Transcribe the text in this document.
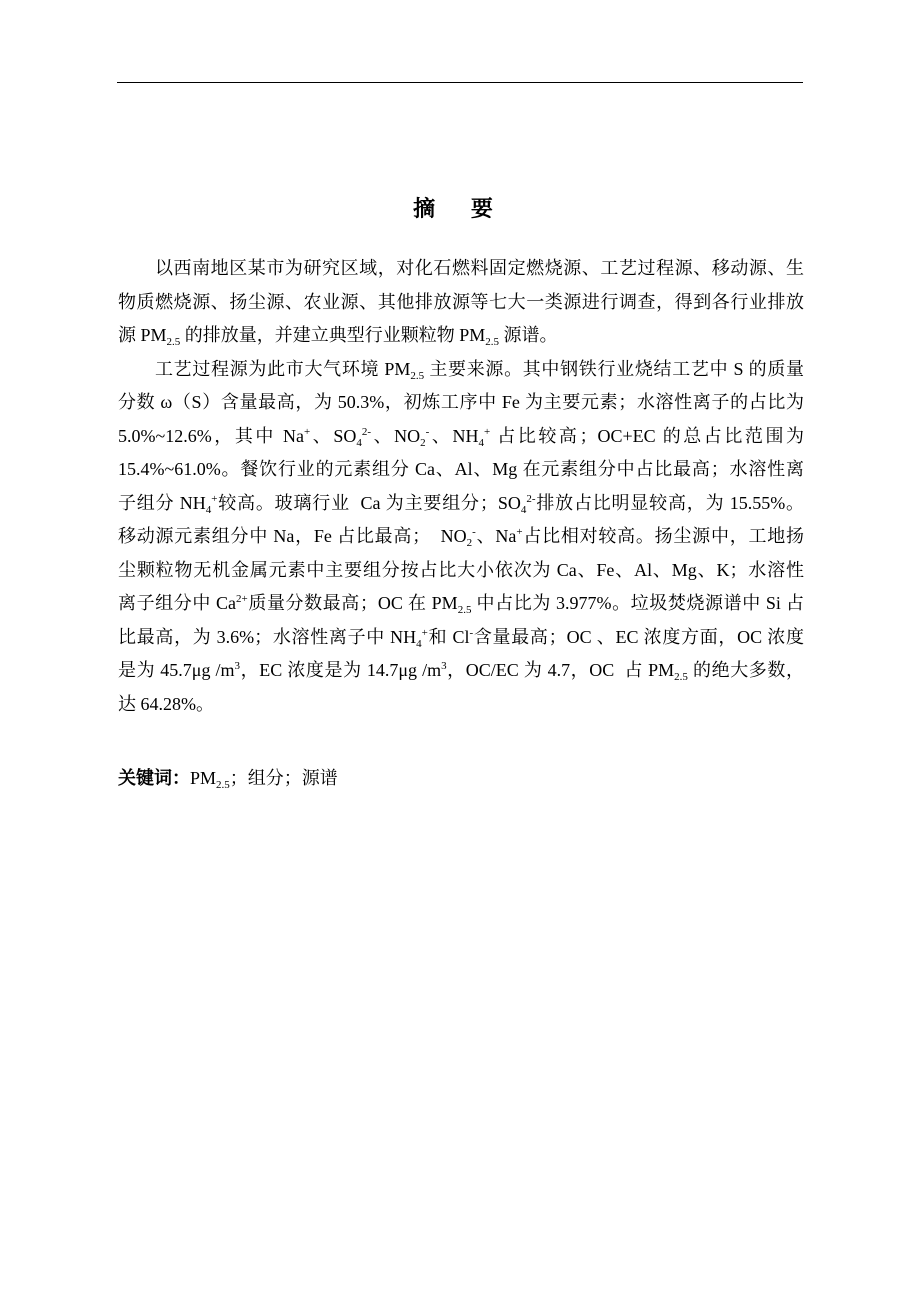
摘 要
以西南地区某市为研究区域，对化石燃料固定燃烧源、工艺过程源、移动源、生
物质燃烧源、扬尘源、农业源、其他排放源等七大一类源进行调查，得到各行业排放
源 $PM_{2.5}$ 的排放量，并建立典型行业颗粒物 $PM_{2.5}$ 源谱。
工艺过程源为此市大气环境 $PM_{2.5}$ 主要来源。其中钢铁行业烧结工艺中 S 的质量
分数 ω（S）含量最高，为 50.3%，初炼工序中 Fe 为主要元素；水溶性离子的占比为
5.0%~12.6%，其中 Na+、$SO_4^{2-}$、$NO_2^-$、$NH_4^+$ 占比较高；OC+EC 的总占比范围为
15.4%~61.0%。餐饮行业的元素组分 Ca、Al、Mg 在元素组分中占比最高；水溶性离
子组分 $NH_4^+$较高。玻璃行业  Ca 为主要组分；$SO_4^{2-}$排放占比明显较高，为 15.55%。
移动源元素组分中 Na，Fe 占比最高；  $NO_2^-$、Na+占比相对较高。扬尘源中，工地扬
尘颗粒物无机金属元素中主要组分按占比大小依次为 Ca、Fe、Al、Mg、K；水溶性
离子组分中 $Ca^{2+}$质量分数最高；OC 在 $PM_{2.5}$ 中占比为 3.977%。垃圾焚烧源谱中 Si 占
比最高，为 3.6%；水溶性离子中 $NH_4^+$和 Cl-含量最高；OC 、EC 浓度方面，OC 浓度
是为 45.7μg $/m^3$，EC 浓度是为 14.7μg $/m^3$，OC/EC 为 4.7，OC  占 $PM_{2.5}$ 的绝大多数，
达 64.28%。
关键词：$PM_{2.5}$；组分；源谱
